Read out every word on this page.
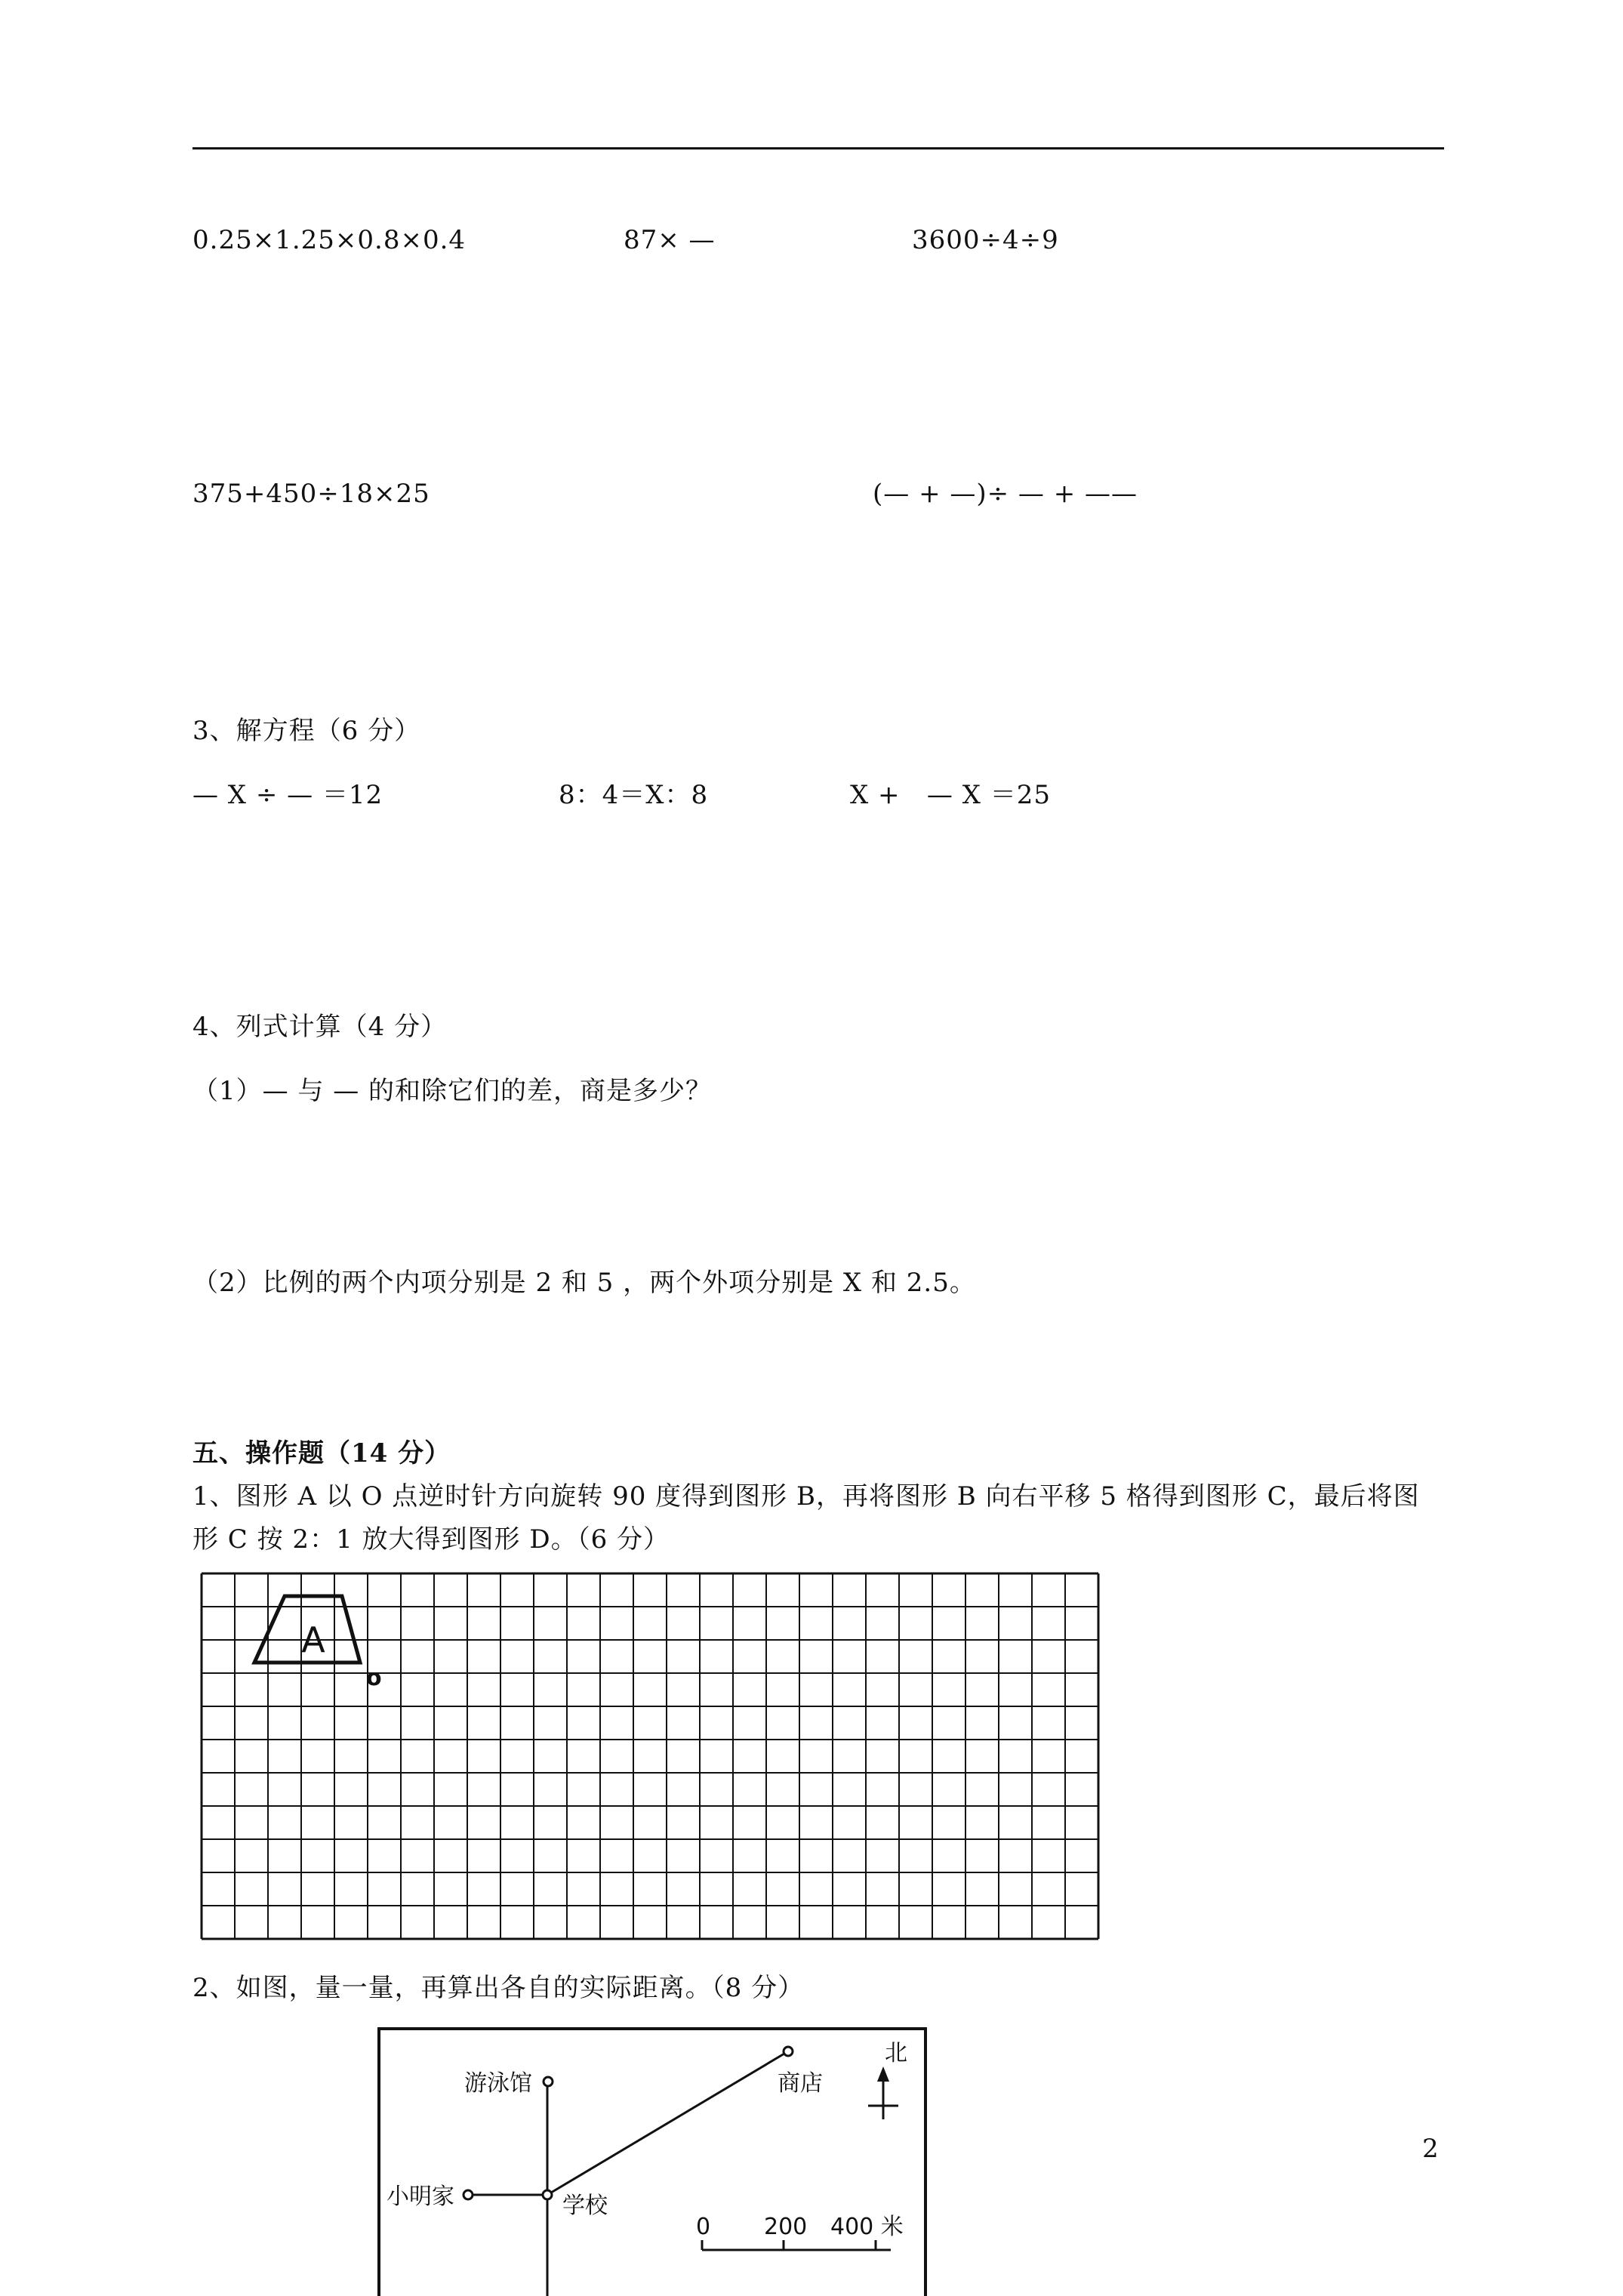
0.25×1.25×0.8×0.4	87× —	3600÷4÷9
375+450÷18×25	(— + —)÷ — + ——
3、解方程（6 分）
— X ÷ — ＝12	8：4＝X：8	X +   — X ＝25
4、列式计算（4 分）
（1）— 与 — 的和除它们的差，商是多少？
（2）比例的两个内项分别是 2 和 5 ，两个外项分别是 X 和 2.5。
五、操作题（14 分）
1、图形 A 以 O 点逆时针方向旋转 90 度得到图形 B，再将图形 B 向右平移 5 格得到图形 C，最后将图
形 C 按 2：1 放大得到图形 D。（6 分）
A
o
2、如图，量一量，再算出各自的实际距离。（8 分）
游泳馆	商店
小明家	学校
北
0 200 400 米
2
